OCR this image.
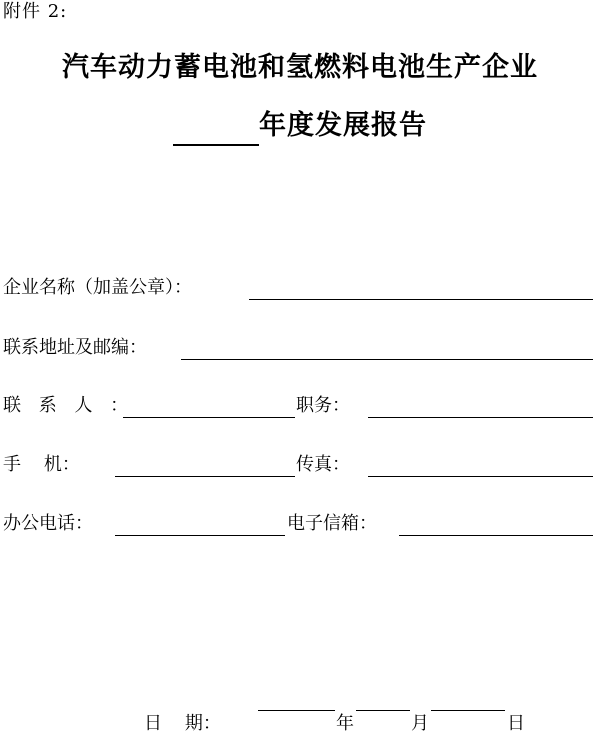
附件 2:
汽车动力蓄电池和氢燃料电池生产企业
年度发展报告
企业名称（加盖公章）：
联系地址及邮编：
联 系 人 ：	职务：
手    机：	传真：
办公电话：	电子信箱：
日    期：	年	月	日
